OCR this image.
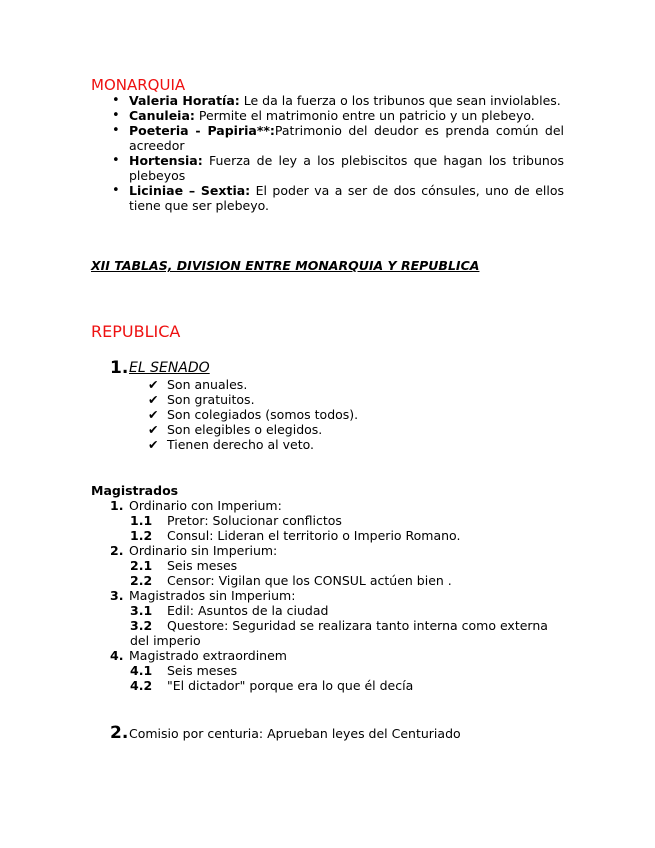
MONARQUIA
• Valeria Horatía: Le da la fuerza o los tribunos que sean inviolables.
• Canuleia: Permite el matrimonio entre un patricio y un plebeyo.
• Poeteria - Papiria**:Patrimonio del deudor es prenda común del acreedor
• Hortensia: Fuerza de ley a los plebiscitos que hagan los tribunos plebeyos
• Liciniae – Sextia: El poder va a ser de dos cónsules, uno de ellos tiene que ser plebeyo.
XII TABLAS, DIVISION ENTRE MONARQUIA Y REPUBLICA
REPUBLICA
1. EL SENADO
✔ Son anuales.
✔ Son gratuitos.
✔ Son colegiados (somos todos).
✔ Son elegibles o elegidos.
✔ Tienen derecho al veto.
Magistrados
1. Ordinario con Imperium:
1.1 Pretor: Solucionar conflictos
1.2 Consul: Lideran el territorio o Imperio Romano.
2. Ordinario sin Imperium:
2.1 Seis meses
2.2 Censor: Vigilan que los CONSUL actúen bien .
3. Magistrados sin Imperium:
3.1 Edil: Asuntos de la ciudad
3.2 Questore: Seguridad se realizara tanto interna como externa del imperio
4. Magistrado extraordinem
4.1 Seis meses
4.2 "El dictador" porque era lo que él decía
2. Comisio por centuria: Aprueban leyes del Centuriado
